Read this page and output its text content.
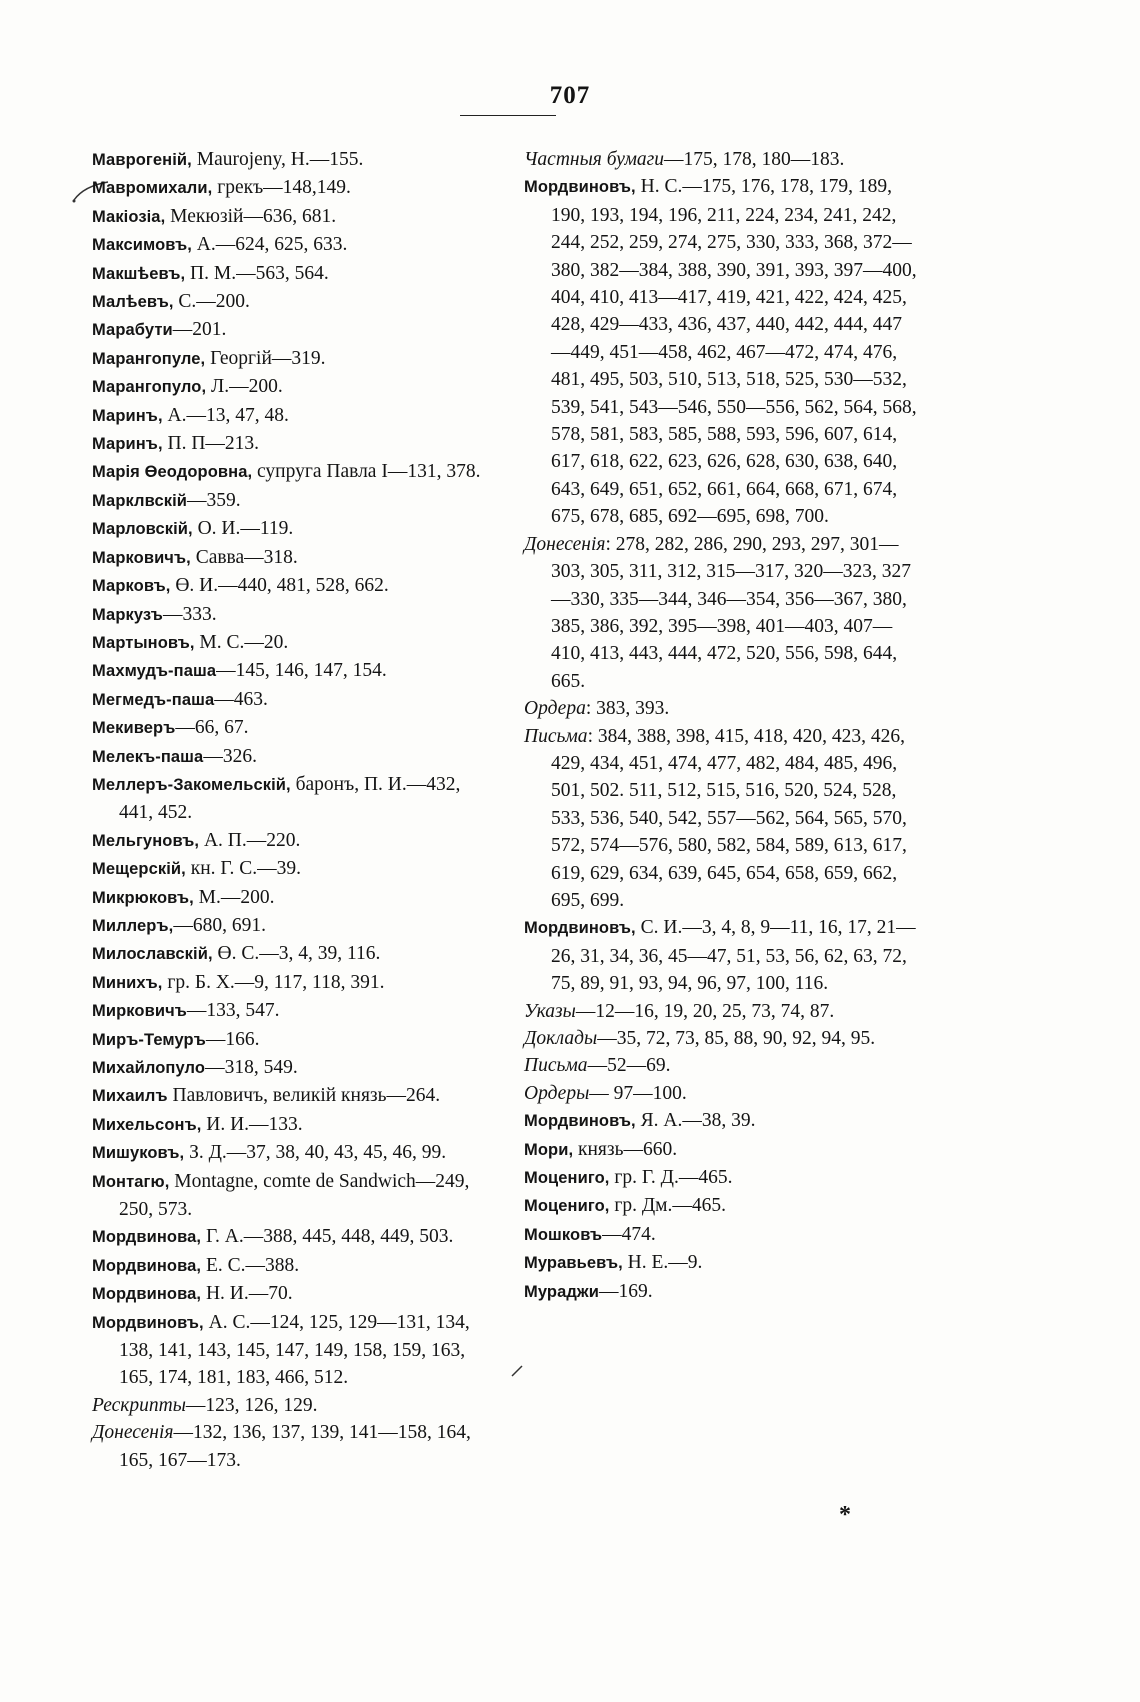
707
Маврогенiй, Maurojeny, Н.—155.
Мавромихали, грекъ—148,149.
Макiозiа, Мекюзiй—636, 681.
Максимовъ, А.—624, 625, 633.
Макшѣевъ, П. М.—563, 564.
Малѣевъ, С.—200.
Марабути—201.
Марангопуле, Георгiй—319.
Марангопуло, Л.—200.
Маринъ, А.—13, 47, 48.
Маринъ, П. П—213.
Марiя Өеодоровна, супруга Павла I—131, 378.
Марклвскiй—359.
Марловскiй, О. И.—119.
Марковичъ, Савва—318.
Марковъ, Ө. И.—440, 481, 528, 662.
Маркузъ—333.
Мартыновъ, М. С.—20.
Махмудъ-паша—145, 146, 147, 154.
Мегмедъ-паша—463.
Мекиверъ—66, 67.
Мелекъ-паша—326.
Меллеръ-Закомельскiй, баронъ, П. И.—432, 441, 452.
Мельгуновъ, А. П.—220.
Мещерскiй, кн. Г. С.—39.
Микрюковъ, М.—200.
Миллеръ,—680, 691.
Милославскiй, Ө. С.—3, 4, 39, 116.
Минихъ, гр. Б. Х.—9, 117, 118, 391.
Мирковичъ—133, 547.
Миръ-Темуръ—166.
Михайлопуло—318, 549.
Михаилъ Павловичъ, великiй князь—264.
Михельсонъ, И. И.—133.
Мишуковъ, З. Д.—37, 38, 40, 43, 45, 46, 99.
Монтагю, Montagne, comte de Sandwich—249, 250, 573.
Мордвинова, Г. А.—388, 445, 448, 449, 503.
Мордвинова, Е. С.—388.
Мордвинова, Н. И.—70.
Мордвиновъ, А. С.—124, 125, 129—131, 134, 138, 141, 143, 145, 147, 149, 158, 159, 163, 165, 174, 181, 183, 466, 512.
Рескрипты—123, 126, 129.
Донесенiя—132, 136, 137, 139, 141—158, 164, 165, 167—173.
Частныя бумаги—175, 178, 180—183.
Мордвиновъ, Н. С.—175, 176, 178, 179, 189, 190, 193, 194, 196, 211, 224, 234, 241, 242, 244, 252, 259, 274, 275, 330, 333, 368, 372—380, 382—384, 388, 390, 391, 393, 397—400, 404, 410, 413—417, 419, 421, 422, 424, 425, 428, 429—433, 436, 437, 440, 442, 444, 447—449, 451—458, 462, 467—472, 474, 476, 481, 495, 503, 510, 513, 518, 525, 530—532, 539, 541, 543—546, 550—556, 562, 564, 568, 578, 581, 583, 585, 588, 593, 596, 607, 614, 617, 618, 622, 623, 626, 628, 630, 638, 640, 643, 649, 651, 652, 661, 664, 668, 671, 674, 675, 678, 685, 692—695, 698, 700.
Донесенiя: 278, 282, 286, 290, 293, 297, 301—303, 305, 311, 312, 315—317, 320—323, 327—330, 335—344, 346—354, 356—367, 380, 385, 386, 392, 395—398, 401—403, 407—410, 413, 443, 444, 472, 520, 556, 598, 644, 665.
Ордера: 383, 393.
Письма: 384, 388, 398, 415, 418, 420, 423, 426, 429, 434, 451, 474, 477, 482, 484, 485, 496, 501, 502. 511, 512, 515, 516, 520, 524, 528, 533, 536, 540, 542, 557—562, 564, 565, 570, 572, 574—576, 580, 582, 584, 589, 613, 617, 619, 629, 634, 639, 645, 654, 658, 659, 662, 695, 699.
Мордвиновъ, С. И.—3, 4, 8, 9—11, 16, 17, 21—26, 31, 34, 36, 45—47, 51, 53, 56, 62, 63, 72, 75, 89, 91, 93, 94, 96, 97, 100, 116.
Указы—12—16, 19, 20, 25, 73, 74, 87.
Доклады—35, 72, 73, 85, 88, 90, 92, 94, 95.
Письма—52—69.
Ордеры— 97—100.
Мордвиновъ, Я. А.—38, 39.
Мори, князь—660.
Моцениго, гр. Г. Д.—465.
Моцениго, гр. Дм.—465.
Мошковъ—474.
Муравьевъ, Н. Е.—9.
Мураджи—169.
*
